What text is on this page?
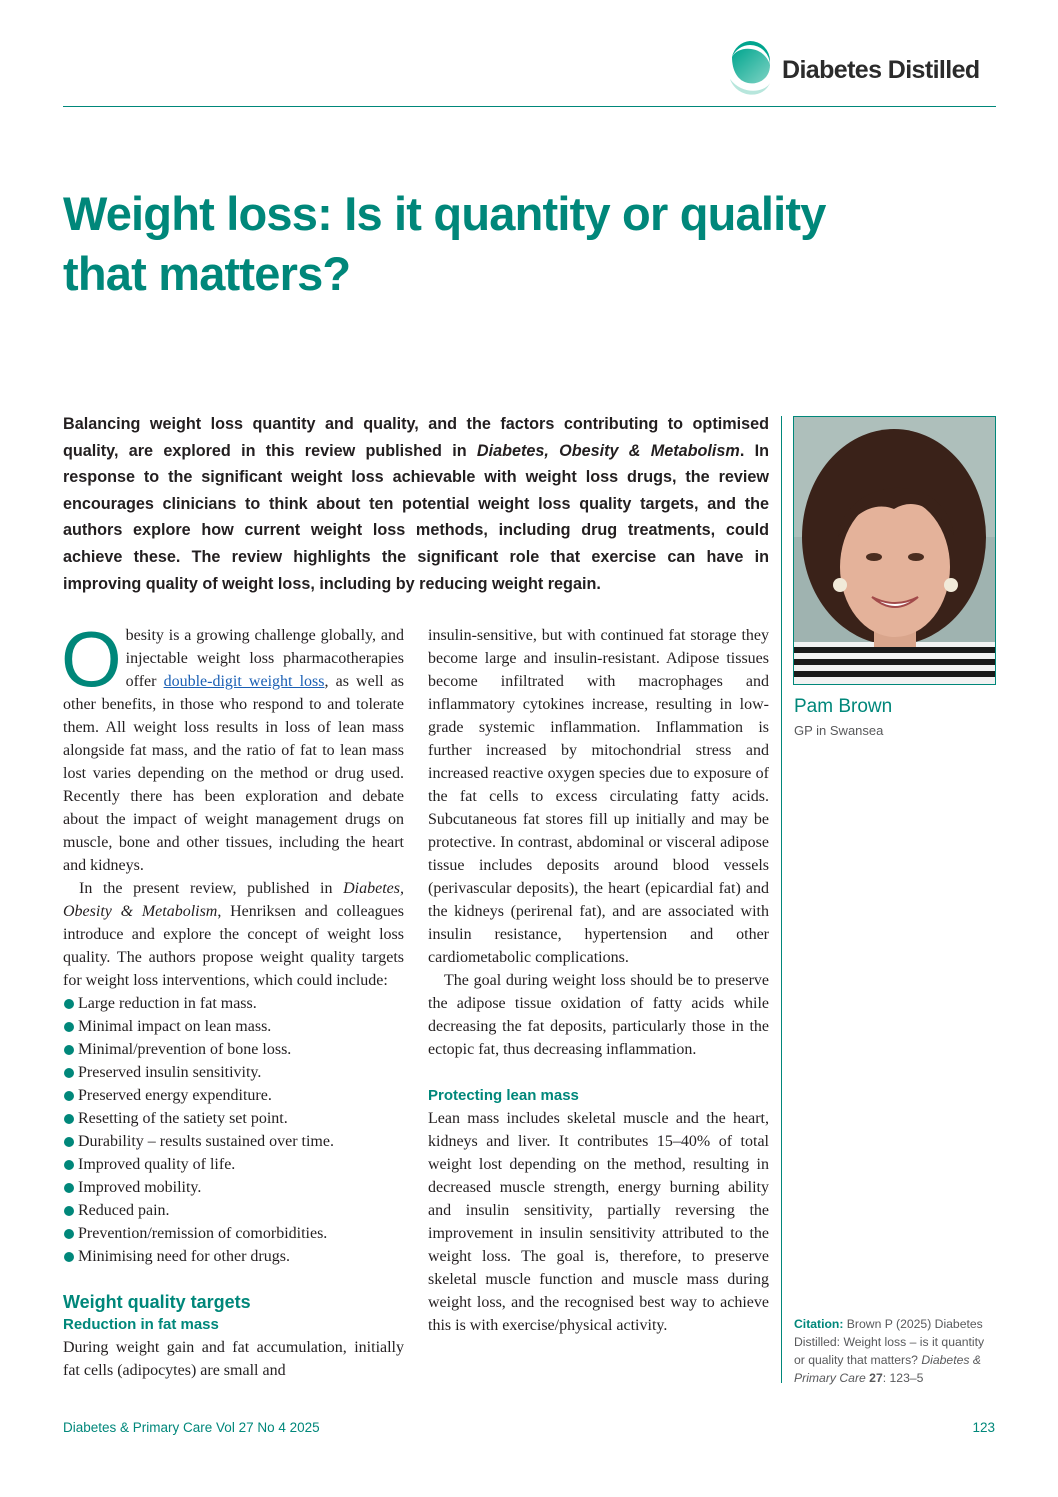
Diabetes Distilled
Weight loss: Is it quantity or quality that matters?

Balancing weight loss quantity and quality, and the factors contributing to optimised quality, are explored in this review published in Diabetes, Obesity & Metabolism. In response to the significant weight loss achievable with weight loss drugs, the review encourages clinicians to think about ten potential weight loss quality targets, and the authors explore how current weight loss methods, including drug treatments, could achieve these. The review highlights the significant role that exercise can have in improving quality of weight loss, including by reducing weight regain.

Obesity is a growing challenge globally, and injectable weight loss pharmacotherapies offer double-digit weight loss, as well as other benefits, in those who respond to and tolerate them. All weight loss results in loss of lean mass alongside fat mass, and the ratio of fat to lean mass lost varies depending on the method or drug used. Recently there has been exploration and debate about the impact of weight management drugs on muscle, bone and other tissues, including the heart and kidneys.

In the present review, published in Diabetes, Obesity & Metabolism, Henriksen and colleagues introduce and explore the concept of weight loss quality. The authors propose weight quality targets for weight loss interventions, which could include:

Large reduction in fat mass.
Minimal impact on lean mass.
Minimal/prevention of bone loss.
Preserved insulin sensitivity.
Preserved energy expenditure.
Resetting of the satiety set point.
Durability – results sustained over time.
Improved quality of life.
Improved mobility.
Reduced pain.
Prevention/remission of comorbidities.
Minimising need for other drugs.
Weight quality targets
Reduction in fat mass

During weight gain and fat accumulation, initially fat cells (adipocytes) are small and

insulin-sensitive, but with continued fat storage they become large and insulin-resistant. Adipose tissues become infiltrated with macrophages and inflammatory cytokines increase, resulting in low-grade systemic inflammation. Inflammation is further increased by mitochondrial stress and increased reactive oxygen species due to exposure of the fat cells to excess circulating fatty acids. Subcutaneous fat stores fill up initially and may be protective. In contrast, abdominal or visceral adipose tissue includes deposits around blood vessels (perivascular deposits), the heart (epicardial fat) and the kidneys (perirenal fat), and are associated with insulin resistance, hypertension and other cardiometabolic complications.

The goal during weight loss should be to preserve the adipose tissue oxidation of fatty acids while decreasing the fat deposits, particularly those in the ectopic fat, thus decreasing inflammation.

Protecting lean mass

Lean mass includes skeletal muscle and the heart, kidneys and liver. It contributes 15–40% of total weight lost depending on the method, resulting in decreased muscle strength, energy burning ability and insulin sensitivity, partially reversing the improvement in insulin sensitivity attributed to the weight loss. The goal is, therefore, to preserve skeletal muscle function and muscle mass during weight loss, and the recognised best way to achieve this is with exercise/physical activity.

Pam Brown
GP in Swansea
Citation: Brown P (2025) Diabetes Distilled: Weight loss – is it quantity or quality that matters? Diabetes & Primary Care 27: 123–5
Diabetes & Primary Care Vol 27 No 4 2025	123
